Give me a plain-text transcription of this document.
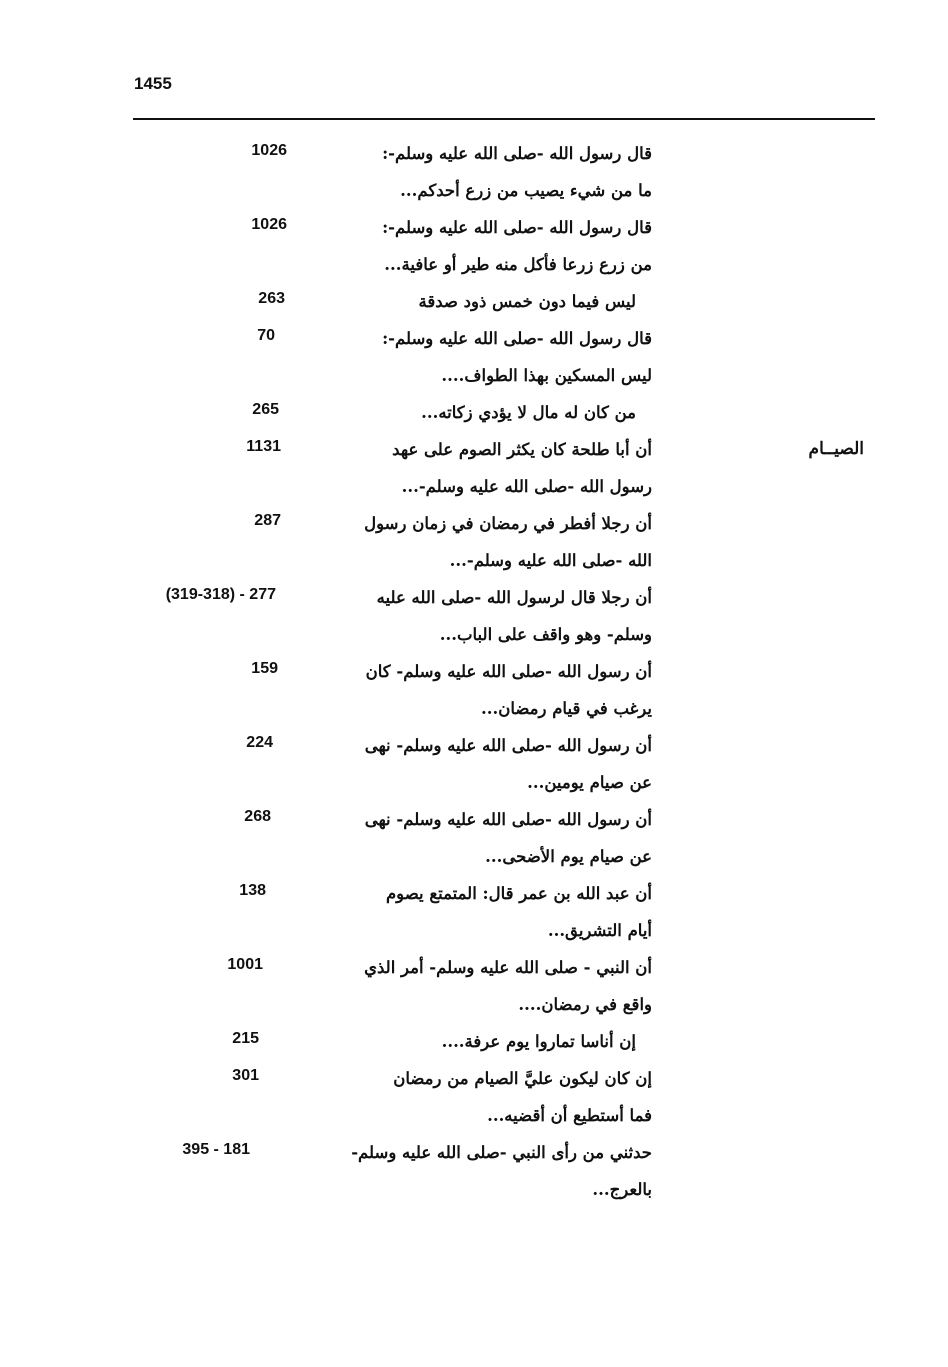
1455
الصيــام
قال رسول الله -صلى الله عليه وسلم-:
1026
ما من شيء يصيب من زرع أحدكم...
قال رسول الله -صلى الله عليه وسلم-:
1026
من زرع زرعا فأكل منه طير أو عافية...
ليس فيما دون خمس ذود صدقة
263
قال رسول الله -صلى الله عليه وسلم-:
70
ليس المسكين بهذا الطواف....
من كان له مال لا يؤدي زكاته...
265
أن أبا طلحة كان يكثر الصوم على عهد
1131
رسول الله -صلى الله عليه وسلم-...
أن رجلا أفطر في رمضان في زمان رسول
287
الله -صلى الله عليه وسلم-...
أن رجلا قال لرسول الله -صلى الله عليه
(319-318) - 277
وسلم- وهو واقف على الباب...
أن رسول الله -صلى الله عليه وسلم- كان
159
يرغب في قيام رمضان...
أن رسول الله -صلى الله عليه وسلم- نهى
224
عن صيام يومين...
أن رسول الله -صلى الله عليه وسلم- نهى
268
عن صيام يوم الأضحى...
أن عبد الله بن عمر قال: المتمتع يصوم
138
أيام التشريق...
أن النبي - صلى الله عليه وسلم- أمر الذي
1001
واقع في رمضان....
إن أناسا تماروا يوم عرفة....
215
إن كان ليكون عليَّ الصيام من رمضان
301
فما أستطيع أن أقضيه...
حدثني من رأى النبي -صلى الله عليه وسلم-
395 - 181
بالعرج...
